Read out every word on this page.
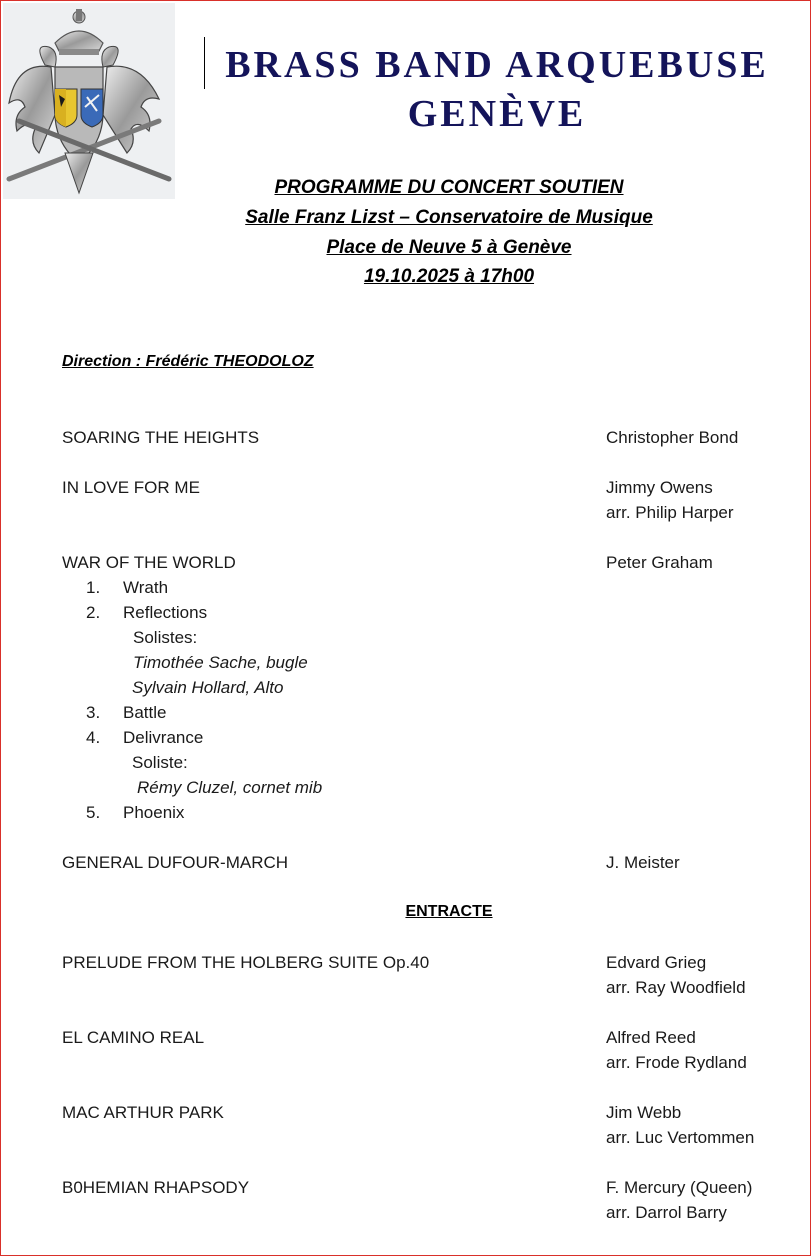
BRASS BAND ARQUEBUSE
GENÈVE
PROGRAMME DU CONCERT SOUTIEN
Salle Franz Lizst – Conservatoire de Musique
Place de Neuve 5 à Genève
19.10.2025 à 17h00
Direction : Frédéric THEODOLOZ
SOARING THE HEIGHTS	Christopher Bond
IN LOVE FOR ME	Jimmy Owens
arr. Philip Harper
WAR OF THE WORLD	Peter Graham
1. Wrath
2. Reflections
Solistes:
Timothée Sache, bugle
Sylvain Hollard, Alto
3. Battle
4. Delivrance
Soliste:
Rémy Cluzel, cornet mib
5. Phoenix
GENERAL DUFOUR-MARCH	J. Meister
ENTRACTE
PRELUDE FROM THE HOLBERG SUITE Op.40	Edvard Grieg
arr. Ray Woodfield
EL CAMINO REAL	Alfred Reed
arr. Frode Rydland
MAC ARTHUR PARK	Jim Webb
arr. Luc Vertommen
B0HEMIAN RHAPSODY	F. Mercury (Queen)
arr. Darrol Barry
